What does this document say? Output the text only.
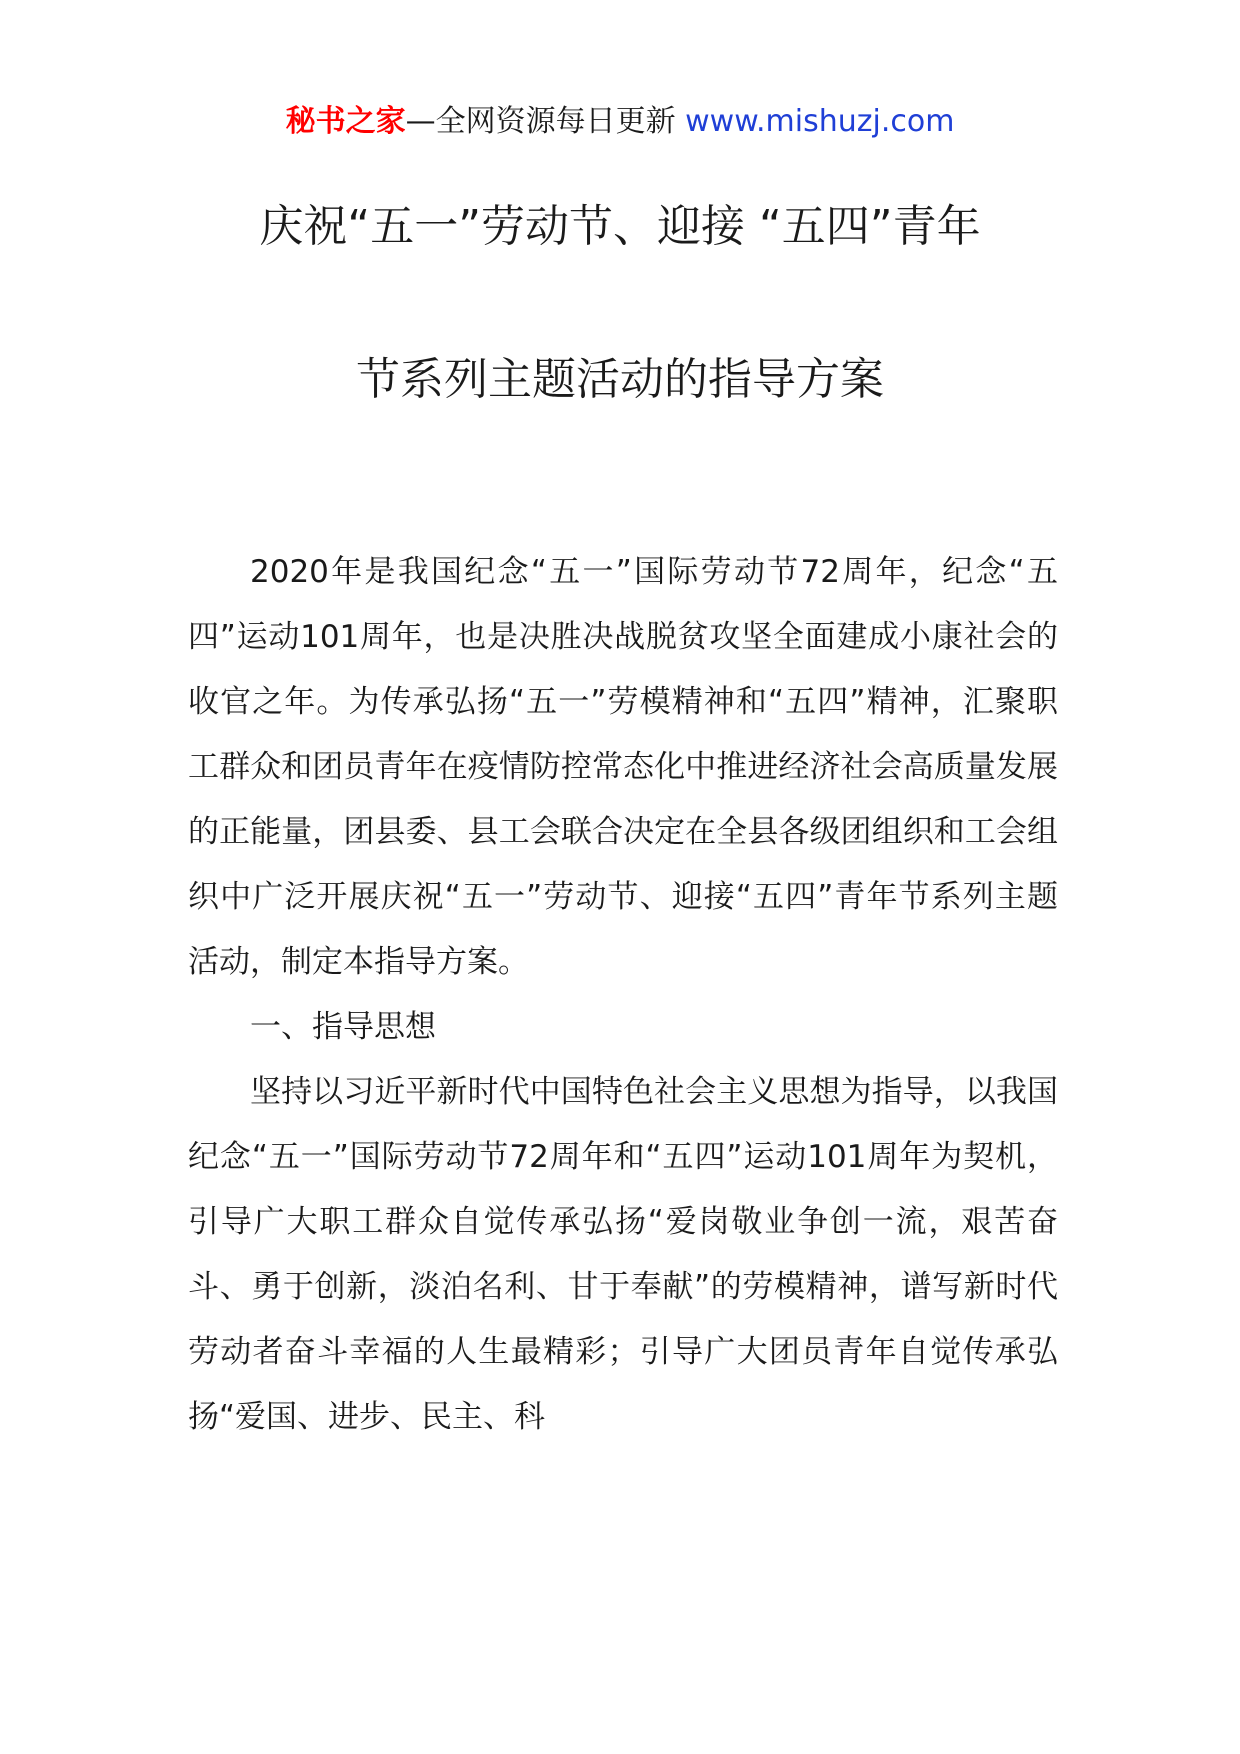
秘书之家—全网资源每日更新 www.mishuzj.com
庆祝“五一”劳动节、迎接 “五四”青年
节系列主题活动的指导方案

2020年是我国纪念“五一”国际劳动节72周年，纪念“五四”运动101周年，也是决胜决战脱贫攻坚全面建成小康社会的收官之年。为传承弘扬“五一”劳模精神和“五四”精神，汇聚职工群众和团员青年在疫情防控常态化中推进经济社会高质量发展的正能量，团县委、县工会联合决定在全县各级团组织和工会组织中广泛开展庆祝“五一”劳动节、迎接“五四”青年节系列主题活动，制定本指导方案。

一、指导思想

坚持以习近平新时代中国特色社会主义思想为指导，以我国纪念“五一”国际劳动节72周年和“五四”运动101周年为契机，引导广大职工群众自觉传承弘扬“爱岗敬业争创一流，艰苦奋斗、勇于创新，淡泊名利、甘于奉献”的劳模精神，谱写新时代劳动者奋斗幸福的人生最精彩；引导广大团员青年自觉传承弘扬“爱国、进步、民主、科
